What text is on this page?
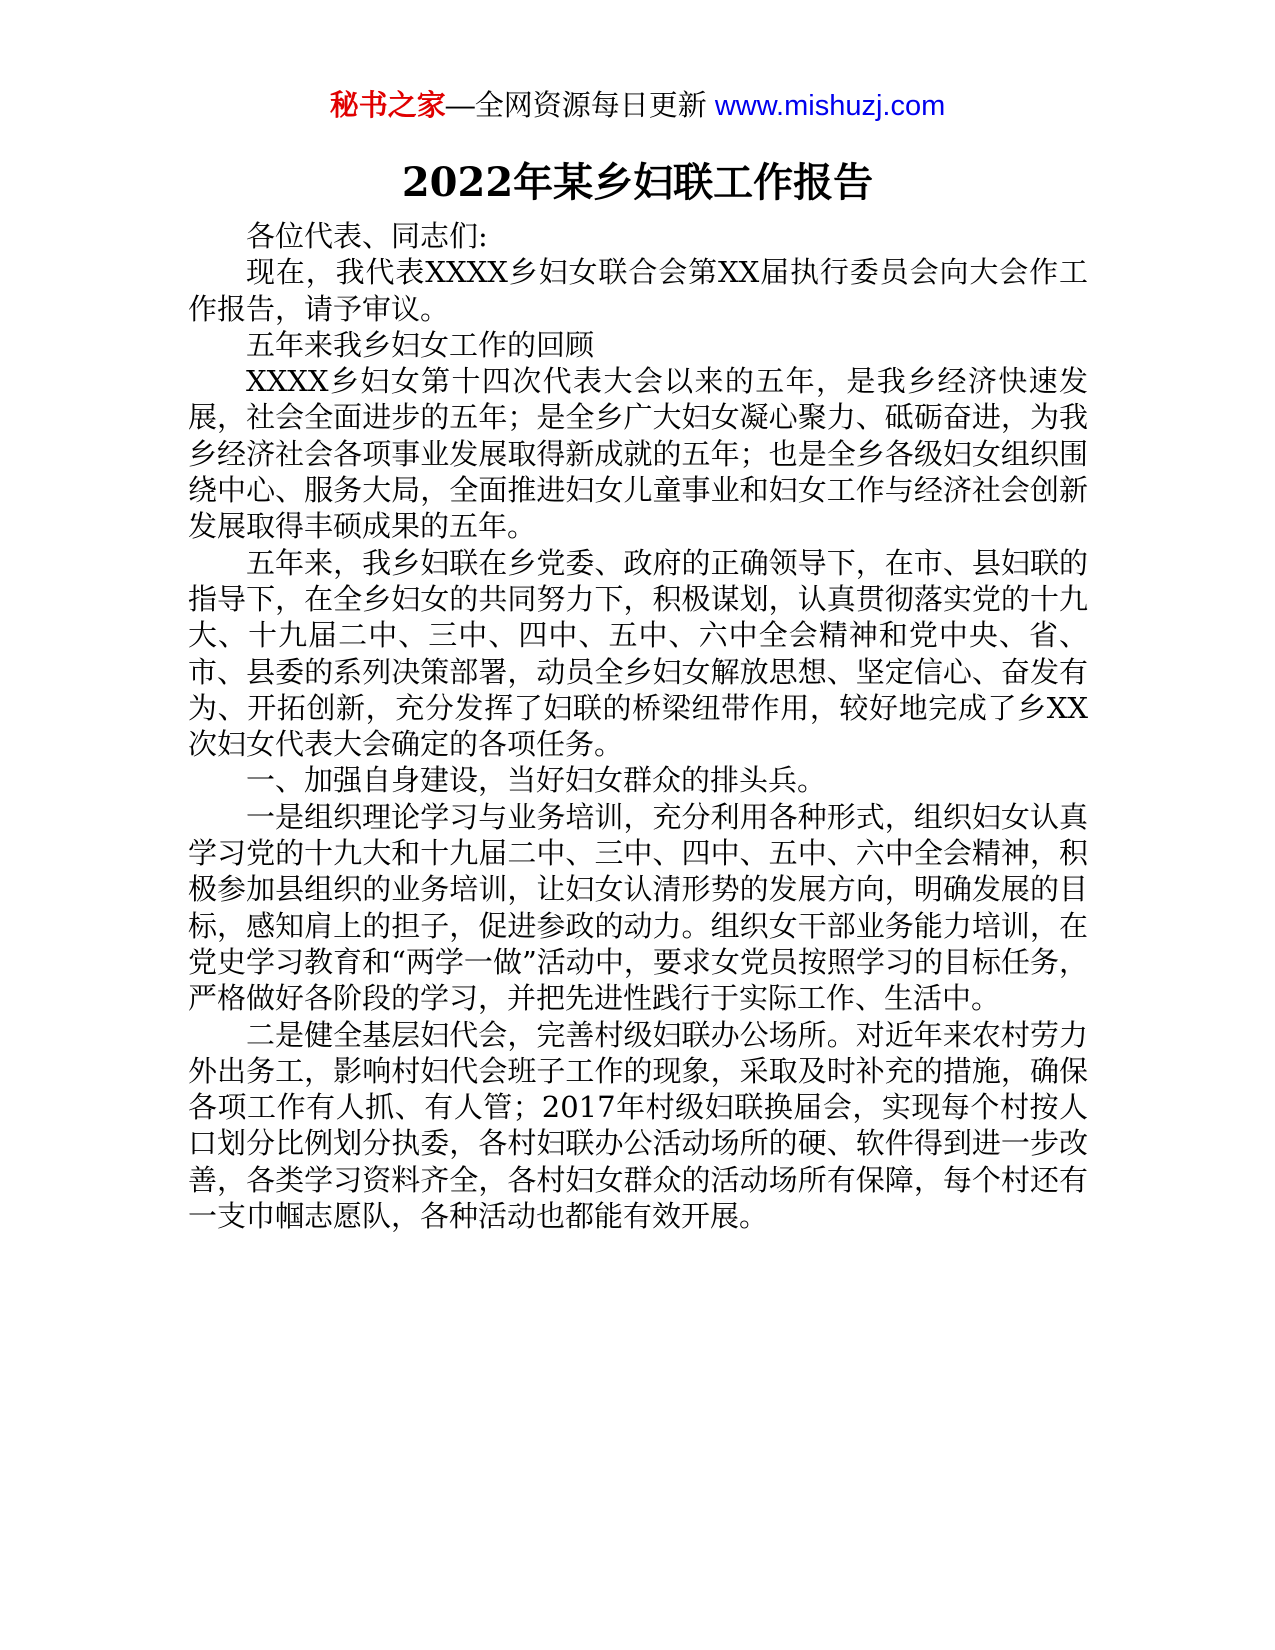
秘书之家—全网资源每日更新 www.mishuzj.com
2022年某乡妇联工作报告

各位代表、同志们:

现在，我代表XXXX乡妇女联合会第XX届执行委员会向大会作工作报告，请予审议。

五年来我乡妇女工作的回顾

XXXX乡妇女第十四次代表大会以来的五年，是我乡经济快速发展，社会全面进步的五年；是全乡广大妇女凝心聚力、砥砺奋进，为我乡经济社会各项事业发展取得新成就的五年；也是全乡各级妇女组织围绕中心、服务大局，全面推进妇女儿童事业和妇女工作与经济社会创新发展取得丰硕成果的五年。

五年来，我乡妇联在乡党委、政府的正确领导下，在市、县妇联的指导下，在全乡妇女的共同努力下，积极谋划，认真贯彻落实党的十九大、十九届二中、三中、四中、五中、六中全会精神和党中央、省、市、县委的系列决策部署，动员全乡妇女解放思想、坚定信心、奋发有为、开拓创新，充分发挥了妇联的桥梁纽带作用，较好地完成了乡XX次妇女代表大会确定的各项任务。

一、加强自身建设，当好妇女群众的排头兵。

一是组织理论学习与业务培训，充分利用各种形式，组织妇女认真学习党的十九大和十九届二中、三中、四中、五中、六中全会精神，积极参加县组织的业务培训，让妇女认清形势的发展方向，明确发展的目标，感知肩上的担子，促进参政的动力。组织女干部业务能力培训，在党史学习教育和“两学一做”活动中，要求女党员按照学习的目标任务，严格做好各阶段的学习，并把先进性践行于实际工作、生活中。

二是健全基层妇代会，完善村级妇联办公场所。对近年来农村劳力外出务工，影响村妇代会班子工作的现象，采取及时补充的措施，确保各项工作有人抓、有人管；2017年村级妇联换届会，实现每个村按人口划分比例划分执委，各村妇联办公活动场所的硬、软件得到进一步改善，各类学习资料齐全，各村妇女群众的活动场所有保障，每个村还有一支巾帼志愿队，各种活动也都能有效开展。
